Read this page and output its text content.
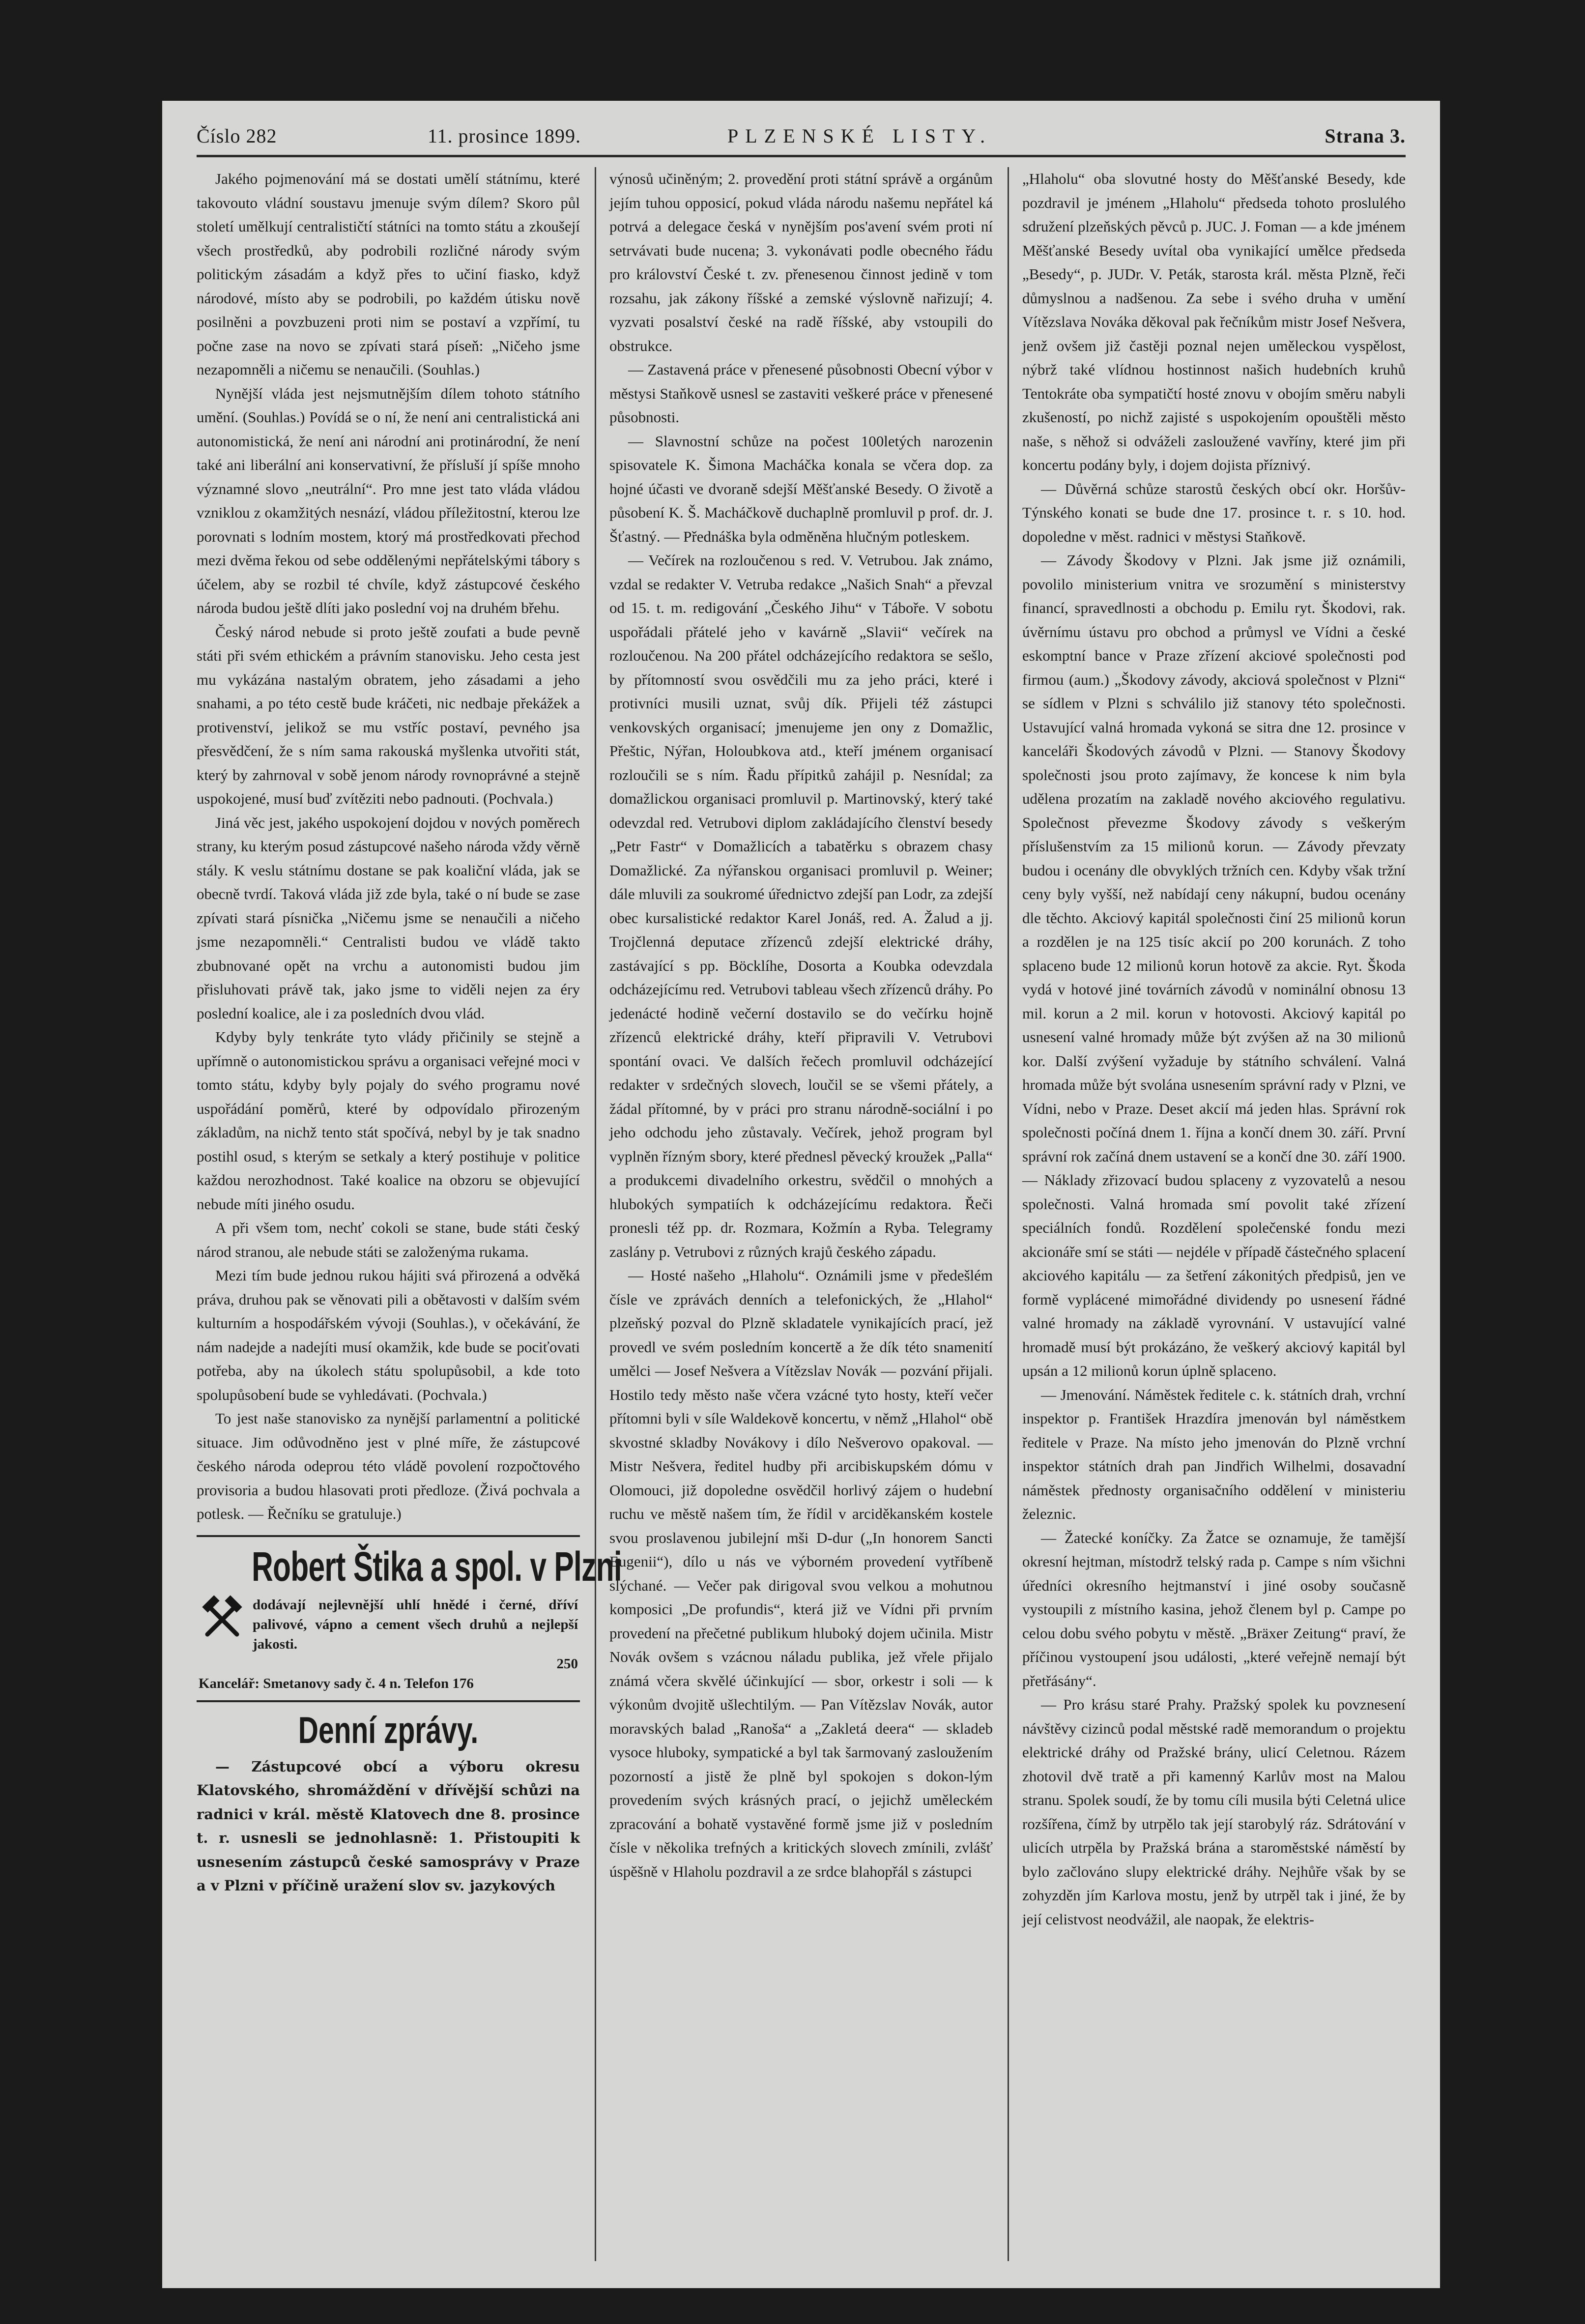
Číslo 282	11. prosince 1899.	PLZENSKÉ LISTY.	Strana 3.

Jakého pojmenování má se dostati umělí státnímu, které takovouto vládní soustavu jmenuje svým dílem? Skoro půl století umělkují centralističtí státníci na tomto státu a zkoušejí všech prostředků, aby podrobili rozličné národy svým politickým zásadám a když přes to učiní fiasko, když národové, místo aby se podrobili, po každém útisku nově posilněni a povzbuzeni proti nim se postaví a vzpřímí, tu počne zase na novo se zpívati stará píseň: „Ničeho jsme nezapomněli a ničemu se nenaučili. (Souhlas.)

Nynější vláda jest nejsmutnějším dílem tohoto státního umění. (Souhlas.) Povídá se o ní, že není ani centralistická ani autonomistická, že není ani národní ani protinárodní, že není také ani liberální ani konservativní, že přísluší jí spíše mnoho významné slovo „neutrální“. Pro mne jest tato vláda vládou vzniklou z okamžitých nesnází, vládou příležitostní, kterou lze porovnati s lodním mostem, ktorý má prostředkovati přechod mezi dvěma řekou od sebe oddělenými nepřátelskými tábory s účelem, aby se rozbil té chvíle, když zástupcové českého národa budou ještě dlíti jako poslední voj na druhém břehu.

Český národ nebude si proto ještě zoufati a bude pevně státi při svém ethickém a právním stanovisku. Jeho cesta jest mu vykázána nastalým obratem, jeho zásadami a jeho snahami, a po této cestě bude kráčeti, nic nedbaje překážek a protivenství, jelikož se mu vstříc postaví, pevného jsa přesvědčení, že s ním sama rakouská myšlenka utvořiti stát, který by zahrnoval v sobě jenom národy rovnoprávné a stejně uspokojené, musí buď zvítěziti nebo padnouti. (Pochvala.)

Jiná věc jest, jakého uspokojení dojdou v nových poměrech strany, ku kterým posud zástupcové našeho národa vždy věrně stály. K veslu státnímu dostane se pak koaliční vláda, jak se obecně tvrdí. Taková vláda již zde byla, také o ní bude se zase zpívati stará písnička „Ničemu jsme se nenaučili a ničeho jsme nezapomněli.“ Centralisti budou ve vládě takto zbubnované opět na vrchu a autonomisti budou jim přisluhovati právě tak, jako jsme to viděli nejen za éry poslední koalice, ale i za posledních dvou vlád.

Kdyby byly tenkráte tyto vlády přičinily se stejně a upřímně o autonomistickou správu a organisaci veřejné moci v tomto státu, kdyby byly pojaly do svého programu nové uspořádání poměrů, které by odpovídalo přirozeným základům, na nichž tento stát spočívá, nebyl by je tak snadno postihl osud, s kterým se setkaly a který postihuje v politice každou nerozhodnost. Také koalice na obzoru se objevující nebude míti jiného osudu.

A při všem tom, nechť cokoli se stane, bude státi český národ stranou, ale nebude státi se založenýma rukama.

Mezi tím bude jednou rukou hájiti svá přirozená a odvěká práva, druhou pak se věnovati pili a obětavosti v dalším svém kulturním a hospodářském vývoji (Souhlas.), v očekávání, že nám nadejde a nadejíti musí okamžik, kde bude se pociťovati potřeba, aby na úkolech státu spolupůsobil, a kde toto spolupůsobení bude se vyhledávati. (Pochvala.)

To jest naše stanovisko za nynější parlamentní a politické situace. Jim odůvodněno jest v plné míře, že zástupcové českého národa odeprou této vládě povolení rozpočtového provisoria a budou hlasovati proti předloze. (Živá pochvala a potlesk. — Řečníku se gratuluje.)

Robert Štika a spol. v Plzni
dodávají nejlevnější uhlí hnědé i černé, dříví palivové, vápno a cement všech druhů a nejlepší jakosti.
250
Kancelář: Smetanovy sady č. 4 n. Telefon 176
Denní zprávy.

— Zástupcové obcí a výboru okresu Klatovského, shromáždění v dřívější schůzi na radnici v král. městě Klatovech dne 8. prosince t. r. usnesli se jednohlasně: 1. Přistoupiti k usnesením zástupců české samosprávy v Praze a v Plzni v příčině uražení slov sv. jazykových

výnosů učiněným; 2. provedění proti státní správě a orgánům jejím tuhou opposicí, pokud vláda národu našemu nepřátel ká potrvá a delegace česká v nynějším pos'avení svém proti ní setrvávati bude nucena; 3. vykonávati podle obecného řádu pro království České t. zv. přenesenou činnost jedině v tom rozsahu, jak zákony říšské a zemské výslovně nařizují; 4. vyzvati posalství české na radě říšské, aby vstoupili do obstrukce.

— Zastavená práce v přenesené působnosti Obecní výbor v městysi Staňkově usnesl se zastaviti veškeré práce v přenesené působnosti.

— Slavnostní schůze na počest 100letých narozenin spisovatele K. Šimona Macháčka konala se včera dop. za hojné účasti ve dvoraně sdejší Měšťanské Besedy. O životě a působení K. Š. Macháčkově duchaplně promluvil p prof. dr. J. Šťastný. — Přednáška byla odměněna hlučným potleskem.

— Večírek na rozloučenou s red. V. Vetrubou. Jak známo, vzdal se redakter V. Vetruba redakce „Našich Snah“ a převzal od 15. t. m. redigování „Českého Jihu“ v Táboře. V sobotu uspořádali přátelé jeho v kavárně „Slavii“ večírek na rozloučenou. Na 200 přátel odcházejícího redaktora se sešlo, by přítomností svou osvědčili mu za jeho práci, které i protivníci musili uznat, svůj dík. Přijeli též zástupci venkovských organisací; jmenujeme jen ony z Domažlic, Přeštic, Nýřan, Holoubkova atd., kteří jménem organisací rozloučili se s ním. Řadu přípitků zahájil p. Nesnídal; za domažlickou organisaci promluvil p. Martinovský, který také odevzdal red. Vetrubovi diplom zakládajícího členství besedy „Petr Fastr“ v Domažlicích a tabatěrku s obrazem chasy Domažlické. Za nýřanskou organisaci promluvil p. Weiner; dále mluvili za soukromé úřednictvo zdejší pan Lodr, za zdejší obec kursalistické redaktor Karel Jonáš, red. A. Žalud a jj. Trojčlenná deputace zřízenců zdejší elektrické dráhy, zastávající s pp. Böcklíhe, Dosorta a Koubka odevzdala odcházejícímu red. Vetrubovi tableau všech zřízenců dráhy. Po jedenácté hodině večerní dostavilo se do večírku hojně zřízenců elektrické dráhy, kteří připravili V. Vetrubovi spontání ovaci. Ve dalších řečech promluvil odcházející redakter v srdečných slovech, loučil se se všemi přátely, a žádal přítomné, by v práci pro stranu národně-sociální i po jeho odchodu jeho zůstavaly. Večírek, jehož program byl vyplněn řízným sbory, které přednesl pěvecký kroužek „Palla“ a produkcemi divadelního orkestru, svědčil o mnohých a hlubokých sympatiích k odcházejícímu redaktora. Řeči pronesli též pp. dr. Rozmara, Kožmín a Ryba. Telegramy zaslány p. Vetrubovi z různých krajů českého západu.

— Hosté našeho „Hlaholu“. Oznámili jsme v předešlém čísle ve zprávách denních a telefonických, že „Hlahol“ plzeňský pozval do Plzně skladatele vynikajících prací, jež provedl ve svém posledním koncertě a že dík této snamenití umělci — Josef Nešvera a Vítězslav Novák — pozvání přijali. Hostilo tedy město naše včera vzácné tyto hosty, kteří večer přítomni byli v síle Waldekově koncertu, v němž „Hlahol“ obě skvostné skladby Novákovy i dílo Nešverovo opakoval. — Mistr Nešvera, ředitel hudby při arcibiskupském dómu v Olomouci, již dopoledne osvědčil horlivý zájem o hudební ruchu ve městě našem tím, že řídil v arciděkanském kostele svou proslavenou jubilejní mši D-dur („In honorem Sancti Eugenii“), dílo u nás ve výborném provedení vytříbeně slýchané. — Večer pak dirigoval svou velkou a mohutnou komposici „De profundis“, která již ve Vídni při prvním provedení na přečetné publikum hluboký dojem učinila. Mistr Novák ovšem s vzácnou náladu publika, jež vřele přijalo známá včera skvělé účinkující — sbor, orkestr i soli — k výkonům dvojitě ušlechtilým. — Pan Vítězslav Novák, autor moravských balad „Ranoša“ a „Zakletá deera“ — skladeb vysoce hluboky, sympatické a byl tak šarmovaný zasloužením pozorností a jistě že plně byl spokojen s dokon-lým provedením svých krásných prací, o jejichž uměleckém zpracování a bohatě vystavěné formě jsme již v posledním čísle v několika trefných a kritických slovech zmínili, zvlášť úspěšně v Hlaholu pozdravil a ze srdce blahopřál s zástupci

„Hlaholu“ oba slovutné hosty do Měšťanské Besedy, kde pozdravil je jménem „Hlaholu“ předseda tohoto proslulého sdružení plzeňských pěvců p. JUC. J. Foman — a kde jménem Měšťanské Besedy uvítal oba vynikající umělce předseda „Besedy“, p. JUDr. V. Peták, starosta král. města Plzně, řeči důmyslnou a nadšenou. Za sebe i svého druha v umění Vítězslava Nováka děkoval pak řečníkům mistr Josef Nešvera, jenž ovšem již častěji poznal nejen uměleckou vyspělost, nýbrž také vlídnou hostinnost našich hudebních kruhů Tentokráte oba sympatičtí hosté znovu v obojím směru nabyli zkušeností, po nichž zajisté s uspokojením opouštěli město naše, s něhož si odváželi zasloužené vavříny, které jim při koncertu podány byly, i dojem dojista příznivý.

— Důvěrná schůze starostů českých obcí okr. Horšův-Týnského konati se bude dne 17. prosince t. r. s 10. hod. dopoledne v měst. radnici v městysi Staňkově.

— Závody Škodovy v Plzni. Jak jsme již oznámili, povolilo ministerium vnitra ve srozumění s ministerstvy financí, spravedlnosti a obchodu p. Emilu ryt. Škodovi, rak. úvěrnímu ústavu pro obchod a průmysl ve Vídni a české eskomptní bance v Praze zřízení akciové společnosti pod firmou (aum.) „Škodovy závody, akciová společnost v Plzni“ se sídlem v Plzni s schválilo již stanovy této společnosti. Ustavující valná hromada vykoná se sitra dne 12. prosince v kanceláři Škodových závodů v Plzni. — Stanovy Škodovy společnosti jsou proto zajímavy, že koncese k nim byla udělena prozatím na zakladě nového akciového regulativu. Společnost převezme Škodovy závody s veškerým příslušenstvím za 15 milionů korun. — Závody převzaty budou i ocenány dle obvyklých tržních cen. Kdyby však tržní ceny byly vyšší, než nabídají ceny nákupní, budou ocenány dle těchto. Akciový kapitál společnosti činí 25 milionů korun a rozdělen je na 125 tisíc akcií po 200 korunách. Z toho splaceno bude 12 milionů korun hotově za akcie. Ryt. Škoda vydá v hotové jiné továrních závodů v nominální obnosu 13 mil. korun a 2 mil. korun v hotovosti. Akciový kapitál po usnesení valné hromady může být zvýšen až na 30 milionů kor. Další zvýšení vyžaduje by státního schválení. Valná hromada může být svolána usnesením správní rady v Plzni, ve Vídni, nebo v Praze. Deset akcií má jeden hlas. Správní rok společnosti počíná dnem 1. října a končí dnem 30. září. První správní rok začíná dnem ustavení se a končí dne 30. září 1900. — Náklady zřizovací budou splaceny z vyzovatelů a nesou společnosti. Valná hromada smí povolit také zřízení speciálních fondů. Rozdělení společenské fondu mezi akcionáře smí se státi — nejdéle v případě částečného splacení akciového kapitálu — za šetření zákonitých předpisů, jen ve formě vyplácené mimořádné dividendy po usnesení řádné valné hromady na základě vyrovnání. V ustavující valné hromadě musí být prokázáno, že veškerý akciový kapitál byl upsán a 12 milionů korun úplně splaceno.

— Jmenování. Náměstek ředitele c. k. státních drah, vrchní inspektor p. František Hrazdíra jmenován byl náměstkem ředitele v Praze. Na místo jeho jmenován do Plzně vrchní inspektor státních drah pan Jindřich Wilhelmi, dosavadní náměstek přednosty organisačního oddělení v ministeriu železnic.

— Žatecké koníčky. Za Žatce se oznamuje, že tamější okresní hejtman, místodrž telský rada p. Campe s ním všichni úředníci okresního hejtmanství i jiné osoby současně vystoupili z místního kasina, jehož členem byl p. Campe po celou dobu svého pobytu v městě. „Bräxer Zeitung“ praví, že příčinou vystoupení jsou události, „které veřejně nemají být přetřásány“.

— Pro krásu staré Prahy. Pražský spolek ku povznesení návštěvy cizinců podal městské radě memorandum o projektu elektrické dráhy od Pražské brány, ulicí Celetnou. Rázem zhotovil dvě tratě a při kamenný Karlův most na Malou stranu. Spolek soudí, že by tomu cíli musila býti Celetná ulice rozšířena, čímž by utrpělo tak její starobylý ráz. Sdrátování v ulicích utrpěla by Pražská brána a staroměstské náměstí by bylo začlováno slupy elektrické dráhy. Nejhůře však by se zohyzděn jím Karlova mostu, jenž by utrpěl tak i jiné, že by její celistvost neodvážil, ale naopak, že elektris-
